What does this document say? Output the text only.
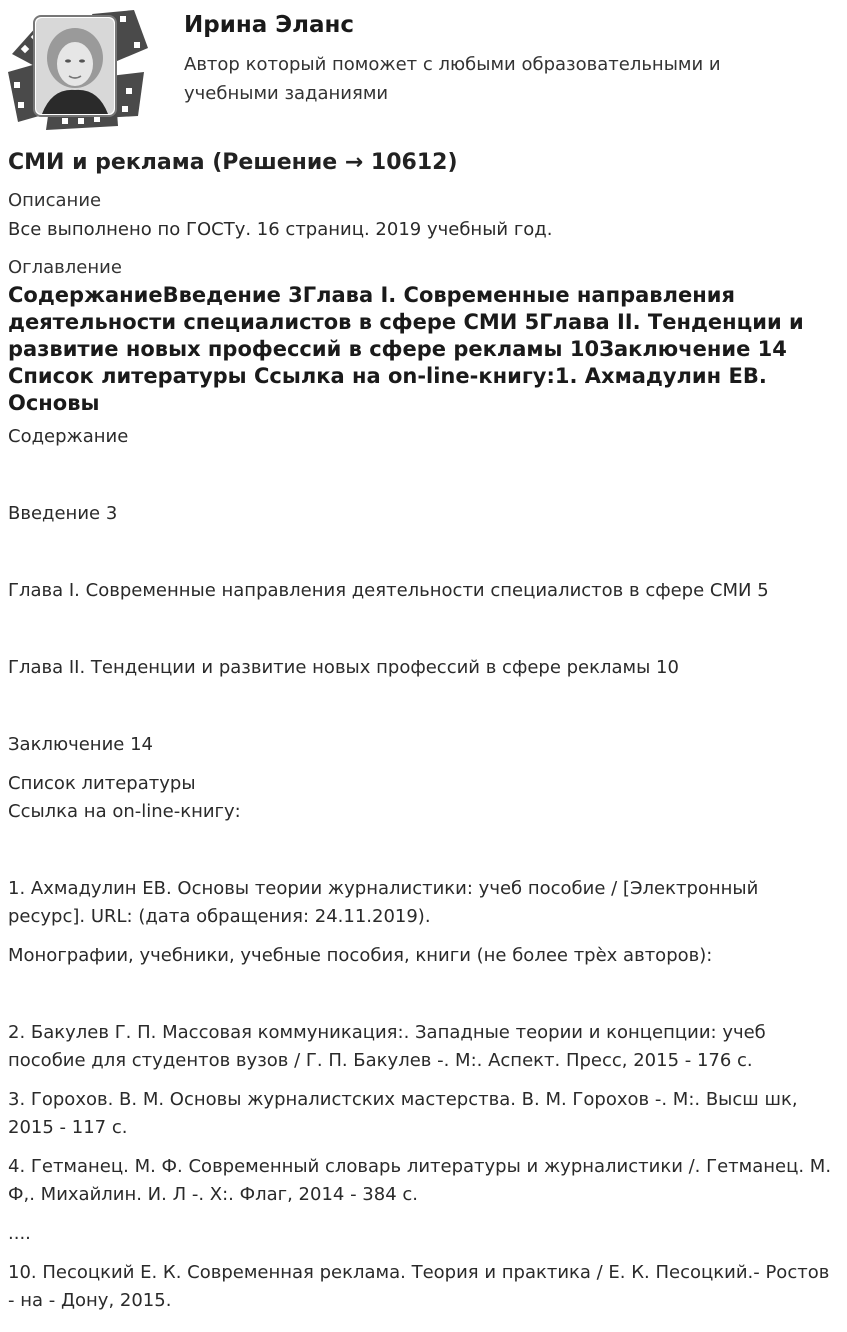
Ирина Эланс
Автор который поможет с любыми образовательными и учебными заданиями
СМИ и реклама (Решение → 10612)
Описание
Все выполнено по ГОСТу. 16 страниц. 2019 учебный год.
Оглавление
СодержаниеВведение 3Глава I. Современные направления деятельности специалистов в сфере СМИ 5Глава II. Тенденции и развитие новых профессий в сфере рекламы 10Заключение 14 Список литературы Ссылка на on-line-книгу:1. Ахмадулин ЕВ. Основы
Содержание
Введение 3
Глава I. Современные направления деятельности специалистов в сфере СМИ 5
Глава II. Тенденции и развитие новых профессий в сфере рекламы 10
Заключение 14
Список литературы
Ссылка на on-line-книгу:
1. Ахмадулин ЕВ. Основы теории журналистики: учеб пособие / [Электронный ресурс]. URL: (дата обращения: 24.11.2019).
Монографии, учебники, учебные пособия, книги (не более трѐх авторов):
2. Бакулев Г. П. Массовая коммуникация:. Западные теории и концепции: учеб пособие для студентов вузов / Г. П. Бакулев -. М:. Аспект. Пресс, 2015 - 176 с.
3. Горохов. В. М. Основы журналистских мастерства. В. М. Горохов -. М:. Высш шк, 2015 - 117 с.
4. Гетманец. М. Ф. Современный словарь литературы и журналистики /. Гетманец. М. Ф,. Михайлин. И. Л -. Х:. Флаг, 2014 - 384 с.
....
10. Песоцкий Е. К. Современная реклама. Теория и практика / Е. К. Песоцкий.- Ростов - на - Дону, 2015.
